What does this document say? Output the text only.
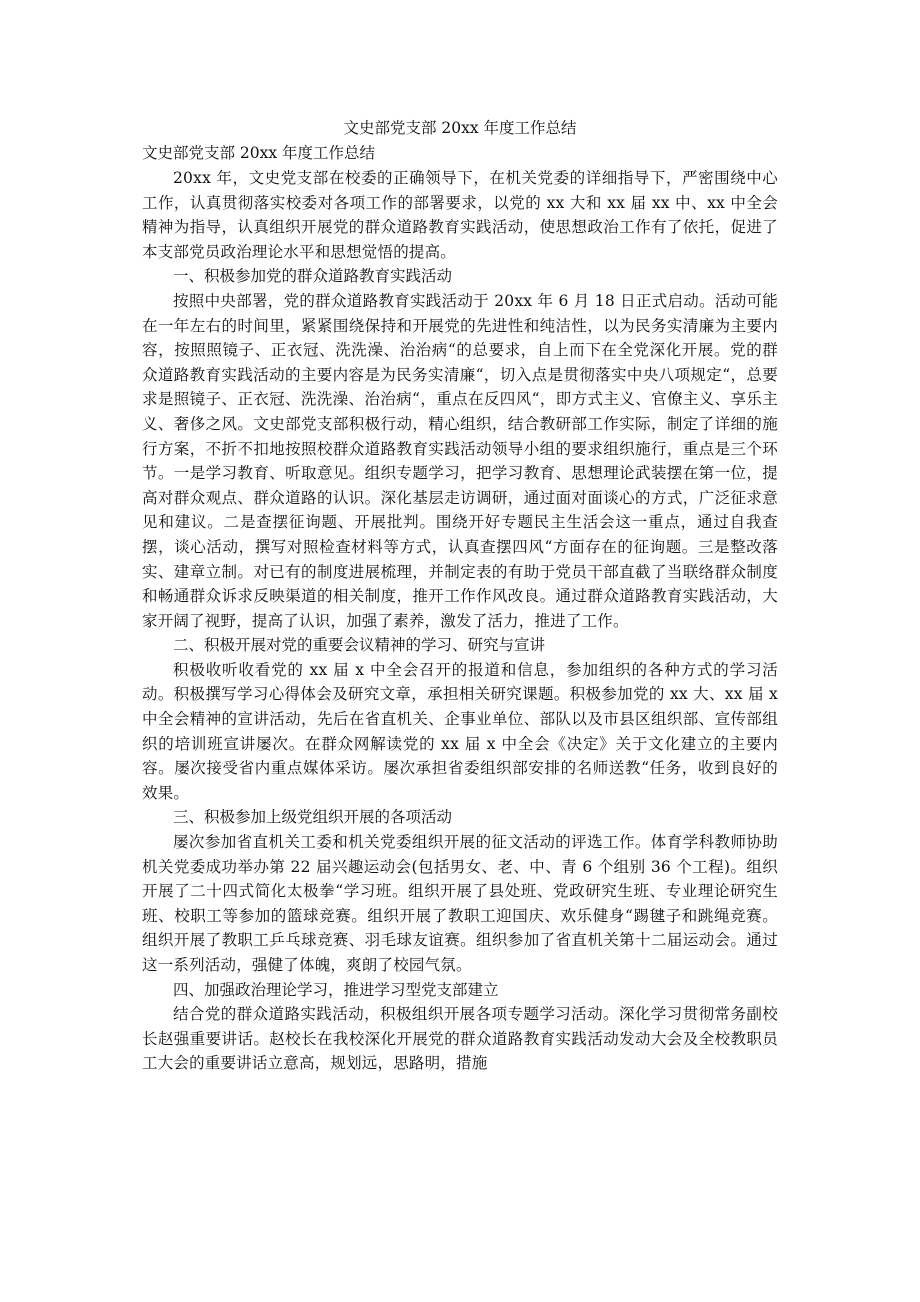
文史部党支部 20xx 年度工作总结

文史部党支部 20xx 年度工作总结

20xx 年，文史党支部在校委的正确领导下，在机关党委的详细指导下，严密围绕中心工作，认真贯彻落实校委对各项工作的部署要求，以党的 xx 大和 xx 届 xx 中、xx 中全会精神为指导，认真组织开展党的群众道路教育实践活动，使思想政治工作有了依托，促进了本支部党员政治理论水平和思想觉悟的提高。

一、积极参加党的群众道路教育实践活动

按照中央部署，党的群众道路教育实践活动于 20xx 年 6 月 18 日正式启动。活动可能在一年左右的时间里，紧紧围绕保持和开展党的先进性和纯洁性，以为民务实清廉为主要内容，按照照镜子、正衣冠、洗洗澡、治治病“的总要求，自上而下在全党深化开展。党的群众道路教育实践活动的主要内容是为民务实清廉“，切入点是贯彻落实中央八项规定“，总要求是照镜子、正衣冠、洗洗澡、治治病“，重点在反四风“，即方式主义、官僚主义、享乐主义、奢侈之风。文史部党支部积极行动，精心组织，结合教研部工作实际，制定了详细的施行方案，不折不扣地按照校群众道路教育实践活动领导小组的要求组织施行，重点是三个环节。一是学习教育、听取意见。组织专题学习，把学习教育、思想理论武装摆在第一位，提高对群众观点、群众道路的认识。深化基层走访调研，通过面对面谈心的方式，广泛征求意见和建议。二是查摆征询题、开展批判。围绕开好专题民主生活会这一重点，通过自我查摆，谈心活动，撰写对照检查材料等方式，认真查摆四风“方面存在的征询题。三是整改落实、建章立制。对已有的制度进展梳理，并制定表的有助于党员干部直截了当联络群众制度和畅通群众诉求反映渠道的相关制度，推开工作作风改良。通过群众道路教育实践活动，大家开阔了视野，提高了认识，加强了素养，激发了活力，推进了工作。

二、积极开展对党的重要会议精神的学习、研究与宣讲

积极收听收看党的 xx 届 x 中全会召开的报道和信息，参加组织的各种方式的学习活动。积极撰写学习心得体会及研究文章，承担相关研究课题。积极参加党的 xx 大、xx 届 x 中全会精神的宣讲活动，先后在省直机关、企事业单位、部队以及市县区组织部、宣传部组织的培训班宣讲屡次。在群众网解读党的 xx 届 x 中全会《决定》关于文化建立的主要内容。屡次接受省内重点媒体采访。屡次承担省委组织部安排的名师送教“任务，收到良好的效果。

三、积极参加上级党组织开展的各项活动

屡次参加省直机关工委和机关党委组织开展的征文活动的评选工作。体育学科教师协助机关党委成功举办第 22 届兴趣运动会(包括男女、老、中、青 6 个组别 36 个工程)。组织开展了二十四式简化太极拳“学习班。组织开展了县处班、党政研究生班、专业理论研究生班、校职工等参加的篮球竞赛。组织开展了教职工迎国庆、欢乐健身“踢毽子和跳绳竞赛。组织开展了教职工乒乓球竞赛、羽毛球友谊赛。组织参加了省直机关第十二届运动会。通过这一系列活动，强健了体魄，爽朗了校园气氛。

四、加强政治理论学习，推进学习型党支部建立

结合党的群众道路实践活动，积极组织开展各项专题学习活动。深化学习贯彻常务副校长赵强重要讲话。赵校长在我校深化开展党的群众道路教育实践活动发动大会及全校教职员工大会的重要讲话立意高，规划远，思路明，措施
